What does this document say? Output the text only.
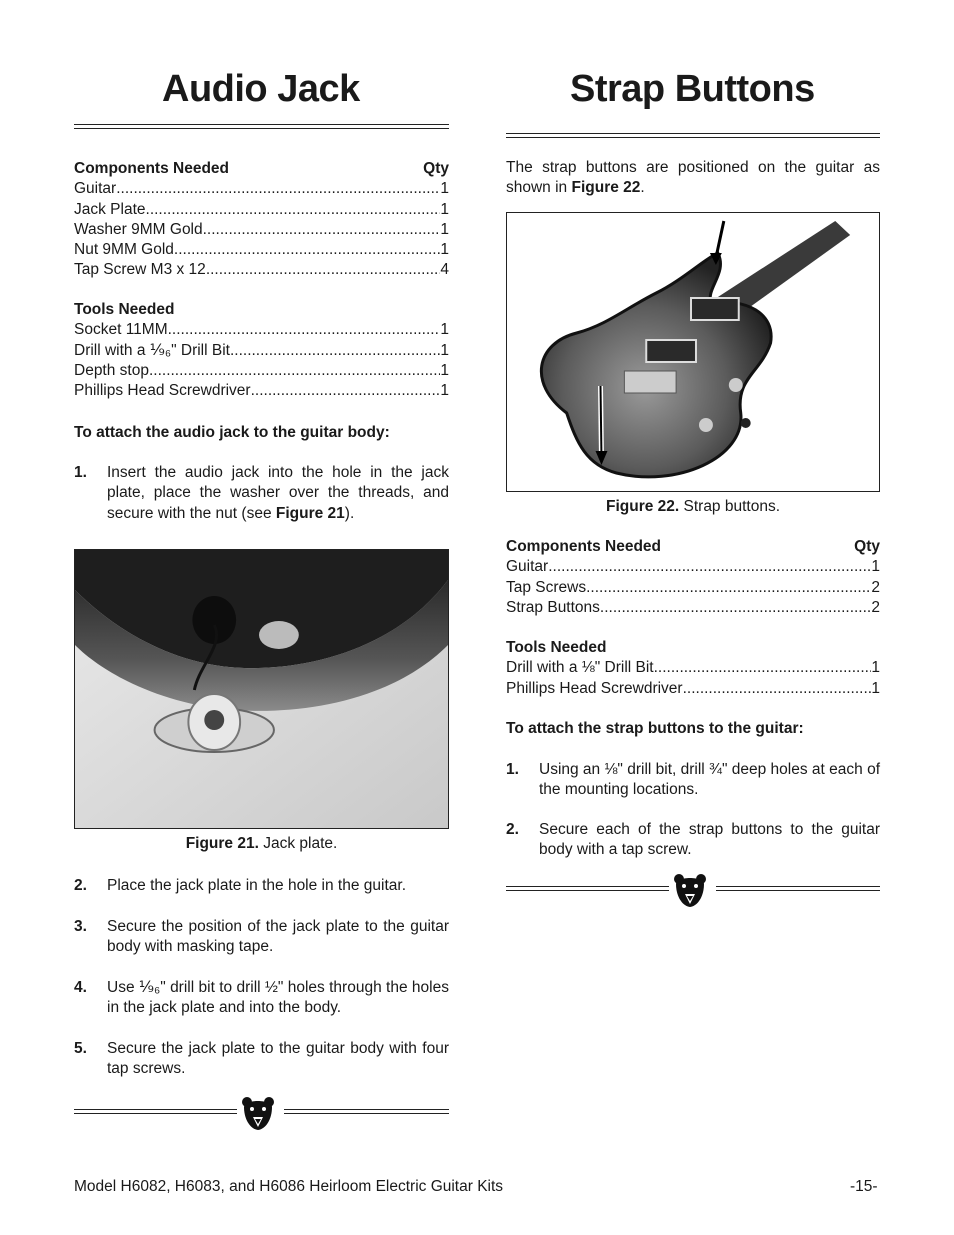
Audio Jack
Components Needed	Qty
Guitar .....	1
Jack Plate .....	1
Washer 9MM Gold .....	1
Nut 9MM Gold .....	1
Tap Screw M3 x 12 .....	4
Tools Needed
Socket 11MM .....	1
Drill with a ⅑₆" Drill Bit .....	1
Depth stop .....	1
Phillips Head Screwdriver .....	1
To attach the audio jack to the guitar body:
1.	Insert the audio jack into the hole in the jack plate, place the washer over the threads, and secure with the nut (see Figure 21).
Figure 21. Jack plate.
2.	Place the jack plate in the hole in the guitar.
3.	Secure the position of the jack plate to the guitar body with masking tape.
4.	Use ⅑₆" drill bit to drill ½" holes through the holes in the jack plate and into the body.
5.	Secure the jack plate to the guitar body with four tap screws.
Strap Buttons
The strap buttons are positioned on the guitar as shown in Figure 22.
Figure 22. Strap buttons.
Components Needed	Qty
Guitar .....	1
Tap Screws .....	2
Strap Buttons .....	2
Tools Needed
Drill with a ⅛" Drill Bit .....	1
Phillips Head Screwdriver .....	1
To attach the strap buttons to the guitar:
1.	Using an ⅛" drill bit, drill ¾" deep holes at each of the mounting locations.
2.	Secure each of the strap buttons to the guitar body with a tap screw.
Model H6082, H6083, and H6086 Heirloom Electric Guitar Kits	-15-
